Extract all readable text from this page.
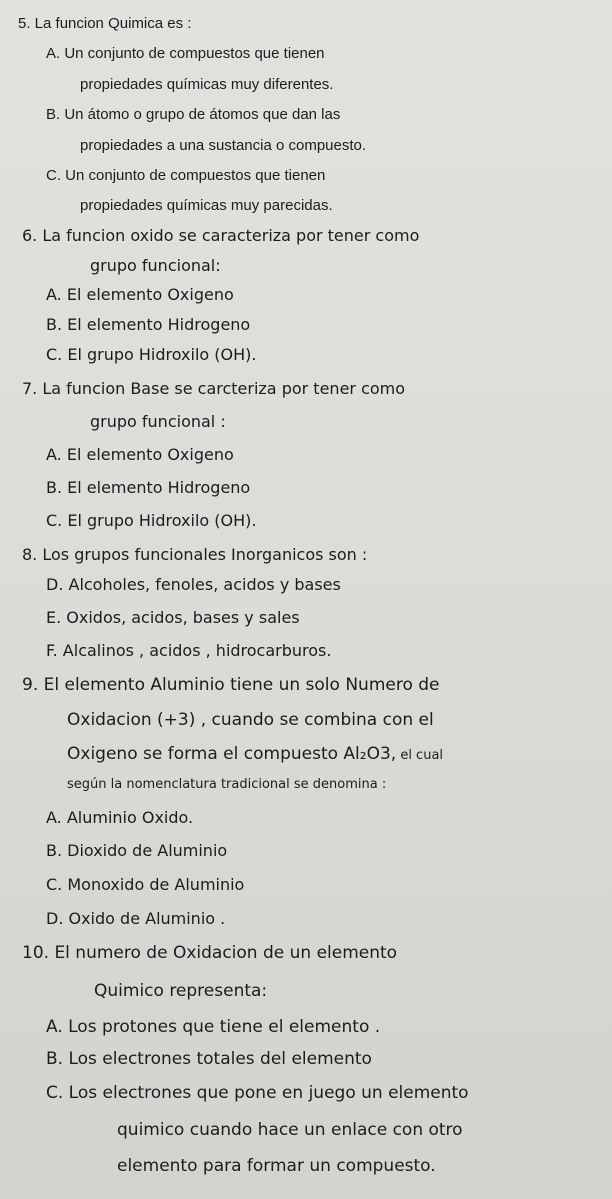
5. La funcion Quimica es :
A. Un conjunto de compuestos que tienen
propiedades químicas muy diferentes.
B. Un átomo o grupo de átomos que dan las
propiedades a una sustancia o compuesto.
C. Un conjunto de compuestos que tienen
propiedades químicas muy parecidas.
6. La funcion oxido se caracteriza por tener como
grupo funcional:
A. El elemento Oxigeno
B. El elemento Hidrogeno
C. El grupo Hidroxilo (OH).
7. La funcion Base se carcteriza por tener como
grupo funcional :
A. El elemento Oxigeno
B. El elemento Hidrogeno
C. El grupo Hidroxilo (OH).
8. Los grupos funcionales Inorganicos son :
D. Alcoholes, fenoles, acidos y bases
E. Oxidos, acidos, bases y sales
F. Alcalinos , acidos , hidrocarburos.
9. El elemento Aluminio tiene un solo Numero de
Oxidacion (+3) , cuando se combina con el
Oxigeno se forma el compuesto Al₂O3, el cual
según la nomenclatura tradicional se denomina :
A. Aluminio Oxido.
B. Dioxido de Aluminio
C. Monoxido de Aluminio
D. Oxido de Aluminio .
10. El numero de Oxidacion de un elemento
Quimico representa:
A. Los protones que tiene el elemento .
B. Los electrones totales del elemento
C. Los electrones que pone en juego un elemento
quimico cuando hace un enlace con otro
elemento para formar un compuesto.
